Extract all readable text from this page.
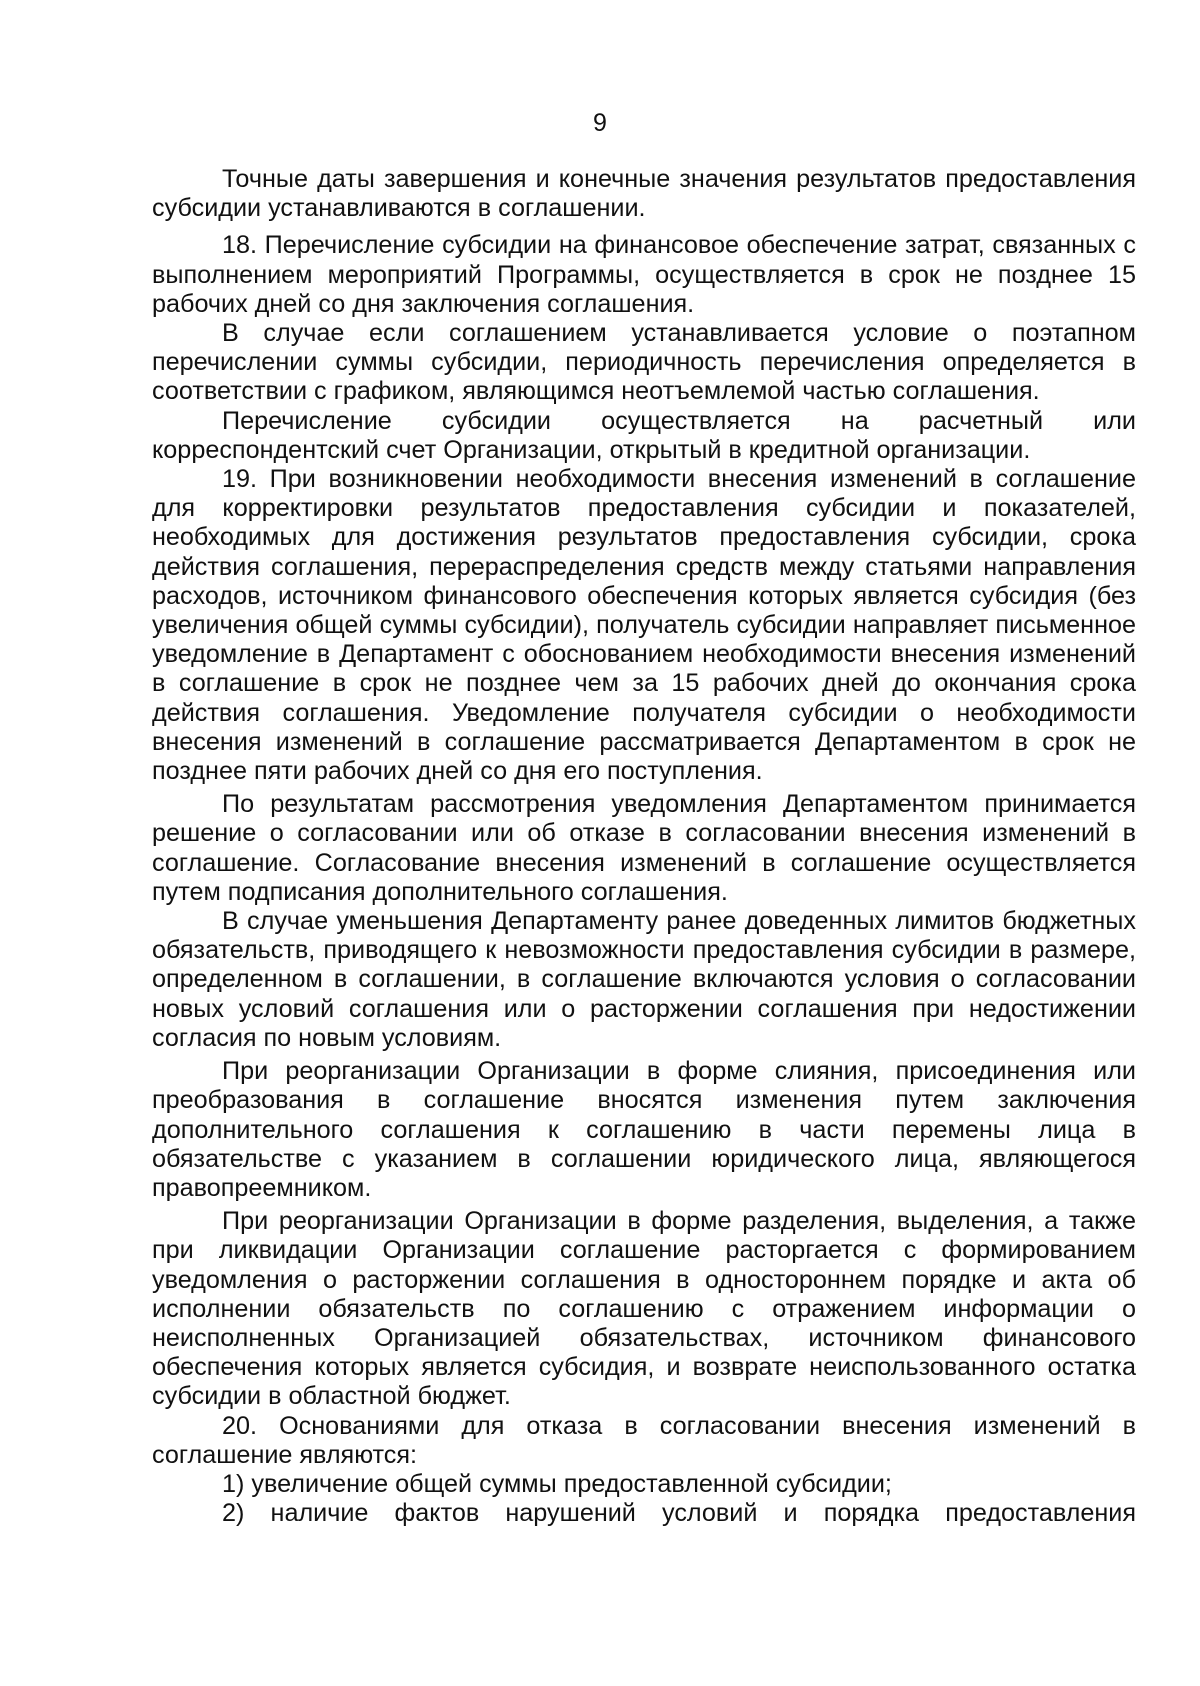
9

Точные даты завершения и конечные значения результатов предоставления субсидии устанавливаются в соглашении.

18. Перечисление субсидии на финансовое обеспечение затрат, связанных с выполнением мероприятий Программы, осуществляется в срок не позднее 15 рабочих дней со дня заключения соглашения.

В случае если соглашением устанавливается условие о поэтапном перечислении суммы субсидии, периодичность перечисления определяется в соответствии с графиком, являющимся неотъемлемой частью соглашения.

Перечисление субсидии осуществляется на расчетный или корреспондентский счет Организации, открытый в кредитной организации.

19. При возникновении необходимости внесения изменений в соглашение для корректировки результатов предоставления субсидии и показателей, необходимых для достижения результатов предоставления субсидии, срока действия соглашения, перераспределения средств между статьями направления расходов, источником финансового обеспечения которых является субсидия (без увеличения общей суммы субсидии), получатель субсидии направляет письменное уведомление в Департамент с обоснованием необходимости внесения изменений в соглашение в срок не позднее чем за 15 рабочих дней до окончания срока действия соглашения. Уведомление получателя субсидии о необходимости внесения изменений в соглашение рассматривается Департаментом в срок не позднее пяти рабочих дней со дня его поступления.

По результатам рассмотрения уведомления Департаментом принимается решение о согласовании или об отказе в согласовании внесения изменений в соглашение. Согласование внесения изменений в соглашение осуществляется путем подписания дополнительного соглашения.

В случае уменьшения Департаменту ранее доведенных лимитов бюджетных обязательств, приводящего к невозможности предоставления субсидии в размере, определенном в соглашении, в соглашение включаются условия о согласовании новых условий соглашения или о расторжении соглашения при недостижении согласия по новым условиям.

При реорганизации Организации в форме слияния, присоединения или преобразования в соглашение вносятся изменения путем заключения дополнительного соглашения к соглашению в части перемены лица в обязательстве с указанием в соглашении юридического лица, являющегося правопреемником.

При реорганизации Организации в форме разделения, выделения, а также при ликвидации Организации соглашение расторгается с формированием уведомления о расторжении соглашения в одностороннем порядке и акта об исполнении обязательств по соглашению с отражением информации о неисполненных Организацией обязательствах, источником финансового обеспечения которых является субсидия, и возврате неиспользованного остатка субсидии в областной бюджет.

20. Основаниями для отказа в согласовании внесения изменений в соглашение являются:

1) увеличение общей суммы предоставленной субсидии;

2) наличие фактов нарушений условий и порядка предоставления
